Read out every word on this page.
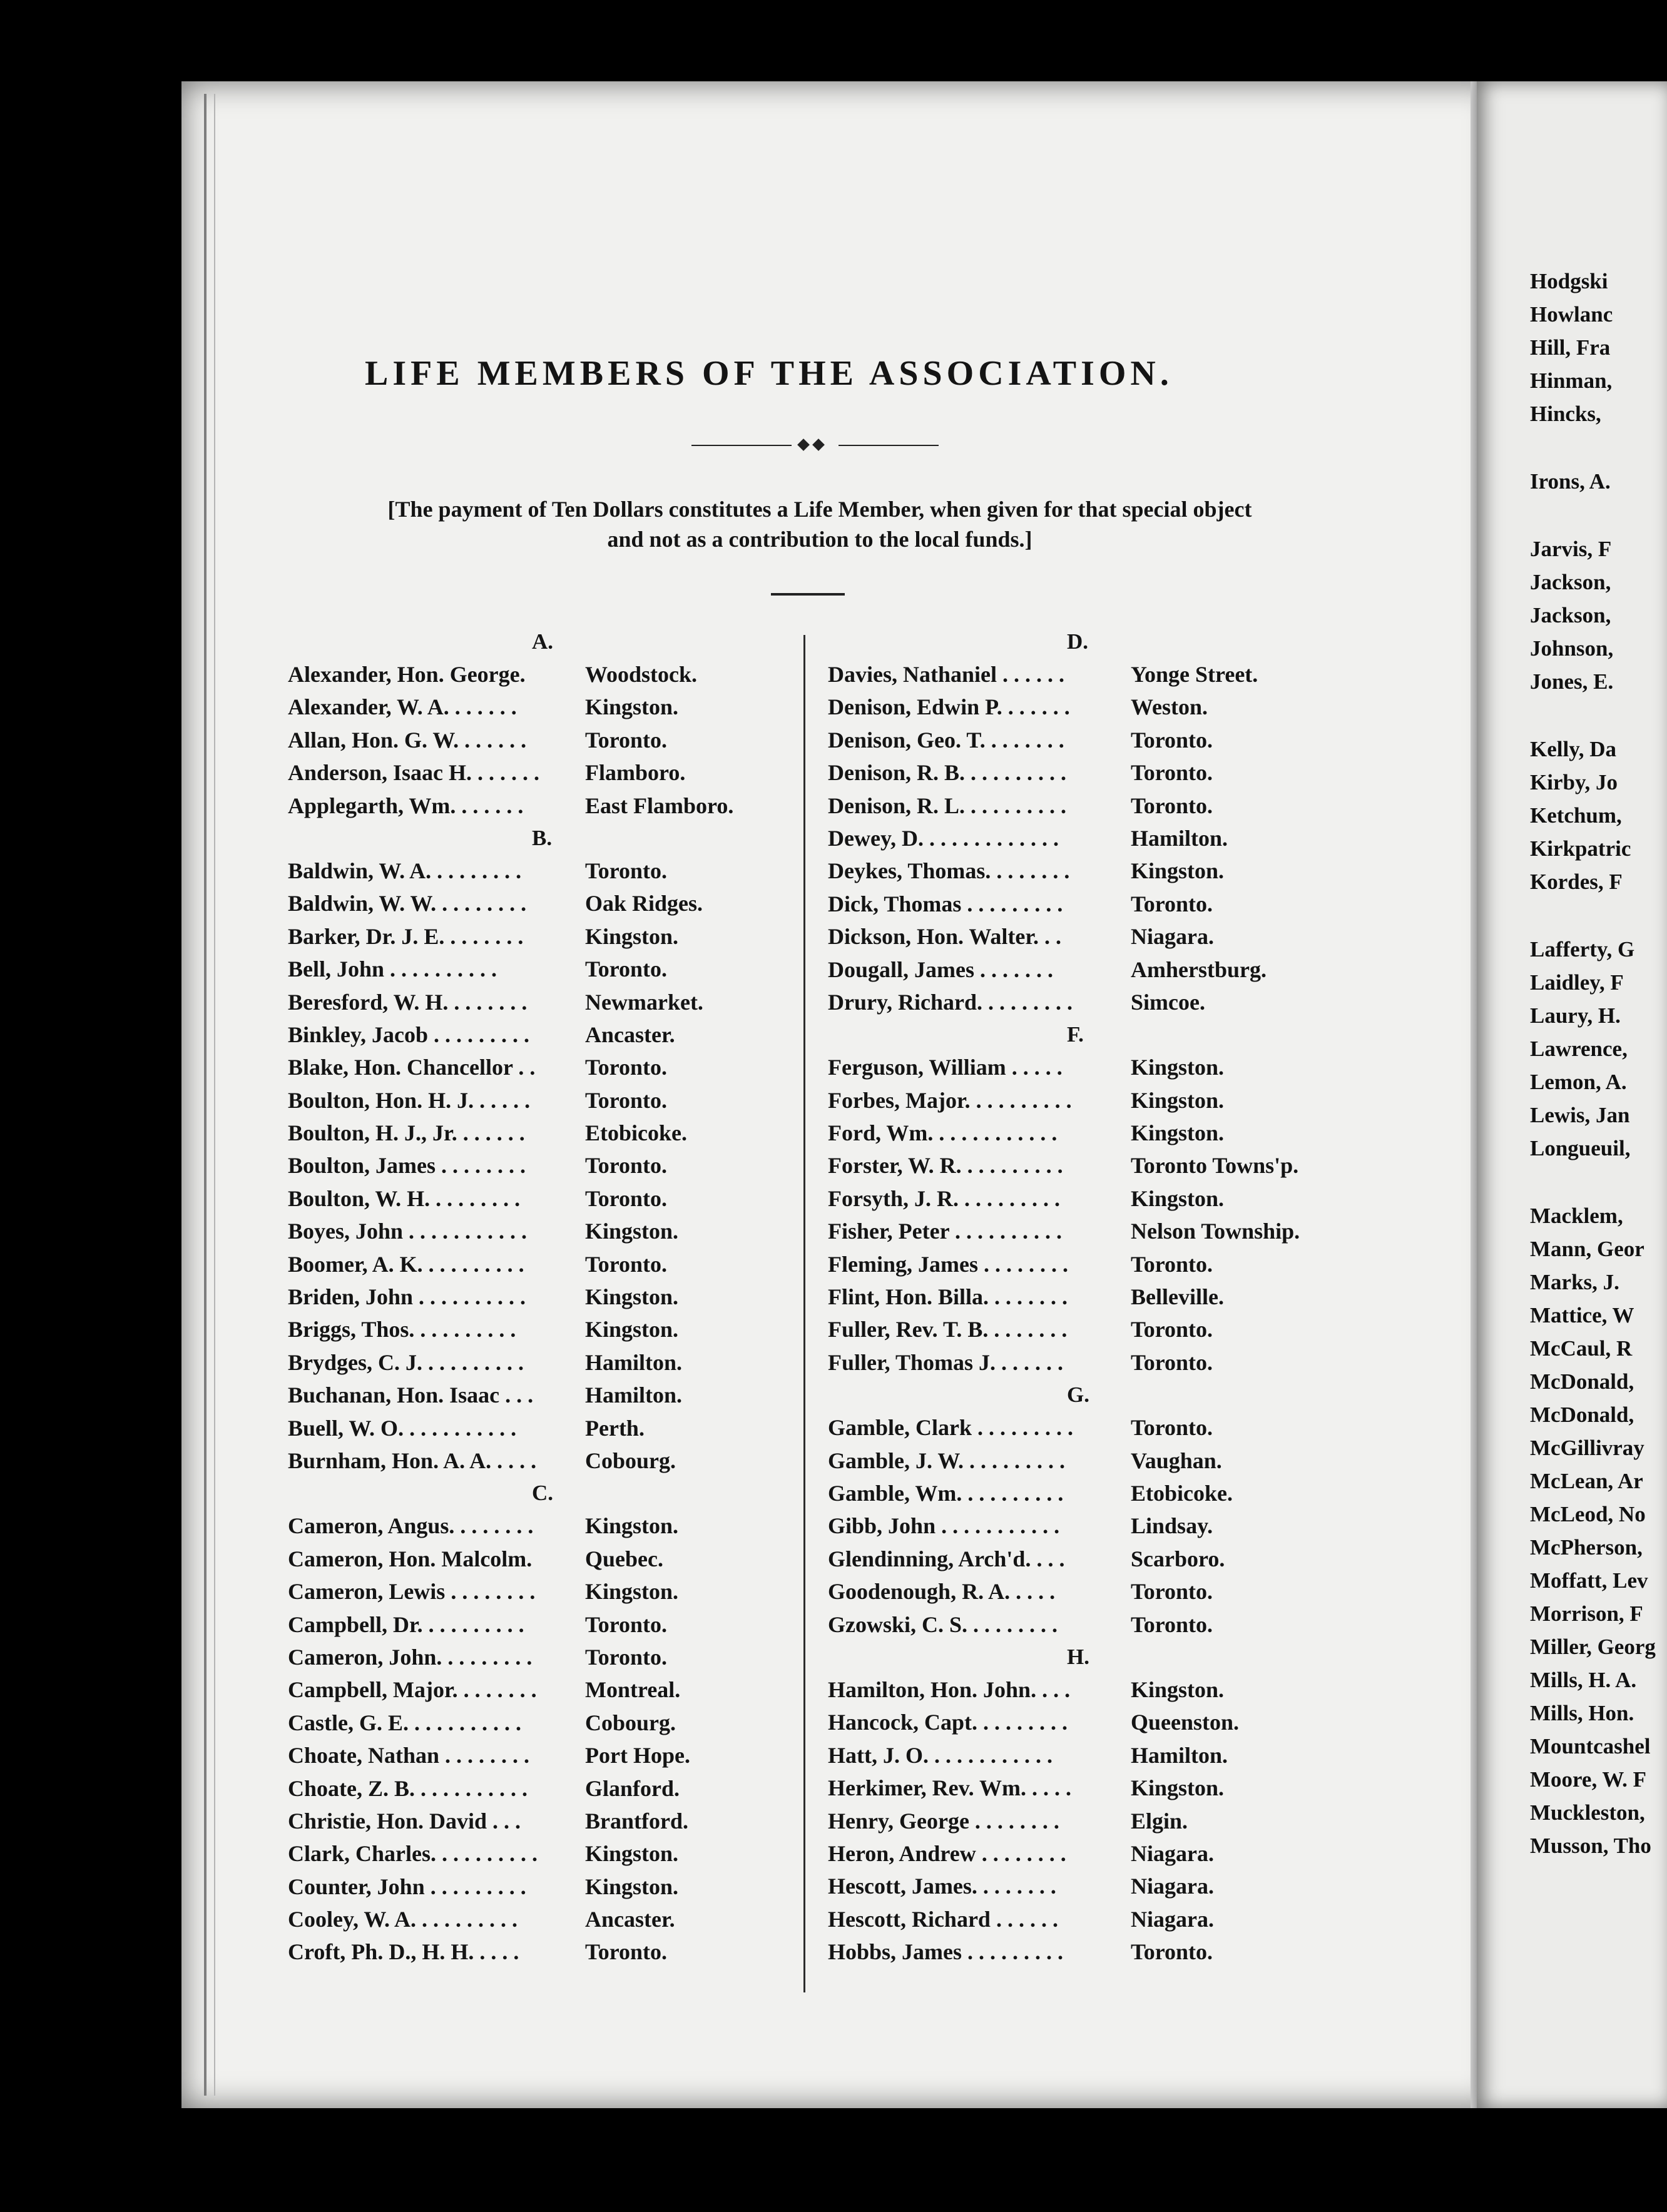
Hodgski
Howlanc
Hill, Fra
Hinman,
Hincks,
Irons, A.
Jarvis, F
Jackson,
Jackson,
Johnson,
Jones, E.
Kelly, Da
Kirby, Jo
Ketchum,
Kirkpatric
Kordes, F
Lafferty, G
Laidley, F
Laury, H.
Lawrence,
Lemon, A.
Lewis, Jan
Longueuil,
Macklem,
Mann, Geor
Marks, J.
Mattice, W
McCaul, R
McDonald,
McDonald,
McGillivray
McLean, Ar
McLeod, No
McPherson,
Moffatt, Lev
Morrison, F
Miller, Georg
Mills, H. A.
Mills, Hon.
Mountcashel
Moore, W. F
Muckleston,
Musson, Tho
LIFE MEMBERS OF THE ASSOCIATION.
[The payment of Ten Dollars constitutes a Life Member, when given for that special object
and not as a contribution to the local funds.]
A.
Alexander, Hon. George.	Woodstock.
Alexander, W. A. . . . . . .	Kingston.
Allan, Hon. G. W. . . . . . .	Toronto.
Anderson, Isaac H. . . . . . .	Flamboro.
Applegarth, Wm. . . . . . .	East Flamboro.
B.
Baldwin, W. A. . . . . . . . .	Toronto.
Baldwin, W. W. . . . . . . . .	Oak Ridges.
Barker, Dr. J. E. . . . . . . .	Kingston.
Bell, John . . . . . . . . . .	Toronto.
Beresford, W. H. . . . . . . .	Newmarket.
Binkley, Jacob . . . . . . . . .	Ancaster.
Blake, Hon. Chancellor . .	Toronto.
Boulton, Hon. H. J. . . . . .	Toronto.
Boulton, H. J., Jr. . . . . . .	Etobicoke.
Boulton, James . . . . . . . .	Toronto.
Boulton, W. H. . . . . . . . .	Toronto.
Boyes, John . . . . . . . . . . .	Kingston.
Boomer, A. K. . . . . . . . . .	Toronto.
Briden, John . . . . . . . . . .	Kingston.
Briggs, Thos. . . . . . . . . .	Kingston.
Brydges, C. J. . . . . . . . . .	Hamilton.
Buchanan, Hon. Isaac . . .	Hamilton.
Buell, W. O. . . . . . . . . . .	Perth.
Burnham, Hon. A. A. . . . .	Cobourg.
C.
Cameron, Angus. . . . . . . .	Kingston.
Cameron, Hon. Malcolm.	Quebec.
Cameron, Lewis . . . . . . . .	Kingston.
Campbell, Dr. . . . . . . . . .	Toronto.
Cameron, John. . . . . . . . .	Toronto.
Campbell, Major. . . . . . . .	Montreal.
Castle, G. E. . . . . . . . . . .	Cobourg.
Choate, Nathan . . . . . . . .	Port Hope.
Choate, Z. B. . . . . . . . . . .	Glanford.
Christie, Hon. David . . .	Brantford.
Clark, Charles. . . . . . . . . .	Kingston.
Counter, John . . . . . . . . .	Kingston.
Cooley, W. A. . . . . . . . . .	Ancaster.
Croft, Ph. D., H. H. . . . .	Toronto.
D.
Davies, Nathaniel . . . . . .	Yonge Street.
Denison, Edwin P. . . . . . .	Weston.
Denison, Geo. T. . . . . . . .	Toronto.
Denison, R. B. . . . . . . . . .	Toronto.
Denison, R. L. . . . . . . . . .	Toronto.
Dewey, D. . . . . . . . . . . . .	Hamilton.
Deykes, Thomas. . . . . . . .	Kingston.
Dick, Thomas . . . . . . . . .	Toronto.
Dickson, Hon. Walter. . .	Niagara.
Dougall, James . . . . . . .	Amherstburg.
Drury, Richard. . . . . . . . .	Simcoe.
F.
Ferguson, William . . . . .	Kingston.
Forbes, Major. . . . . . . . . .	Kingston.
Ford, Wm. . . . . . . . . . . .	Kingston.
Forster, W. R. . . . . . . . . .	Toronto Towns'p.
Forsyth, J. R. . . . . . . . . .	Kingston.
Fisher, Peter . . . . . . . . . .	Nelson Township.
Fleming, James . . . . . . . .	Toronto.
Flint, Hon. Billa. . . . . . . .	Belleville.
Fuller, Rev. T. B. . . . . . . .	Toronto.
Fuller, Thomas J. . . . . . .	Toronto.
G.
Gamble, Clark . . . . . . . . .	Toronto.
Gamble, J. W. . . . . . . . . .	Vaughan.
Gamble, Wm. . . . . . . . . .	Etobicoke.
Gibb, John . . . . . . . . . . .	Lindsay.
Glendinning, Arch'd. . . .	Scarboro.
Goodenough, R. A. . . . .	Toronto.
Gzowski, C. S. . . . . . . . .	Toronto.
H.
Hamilton, Hon. John. . . .	Kingston.
Hancock, Capt. . . . . . . . .	Queenston.
Hatt, J. O. . . . . . . . . . . .	Hamilton.
Herkimer, Rev. Wm. . . . .	Kingston.
Henry, George . . . . . . . .	Elgin.
Heron, Andrew . . . . . . . .	Niagara.
Hescott, James. . . . . . . .	Niagara.
Hescott, Richard . . . . . .	Niagara.
Hobbs, James . . . . . . . . .	Toronto.
